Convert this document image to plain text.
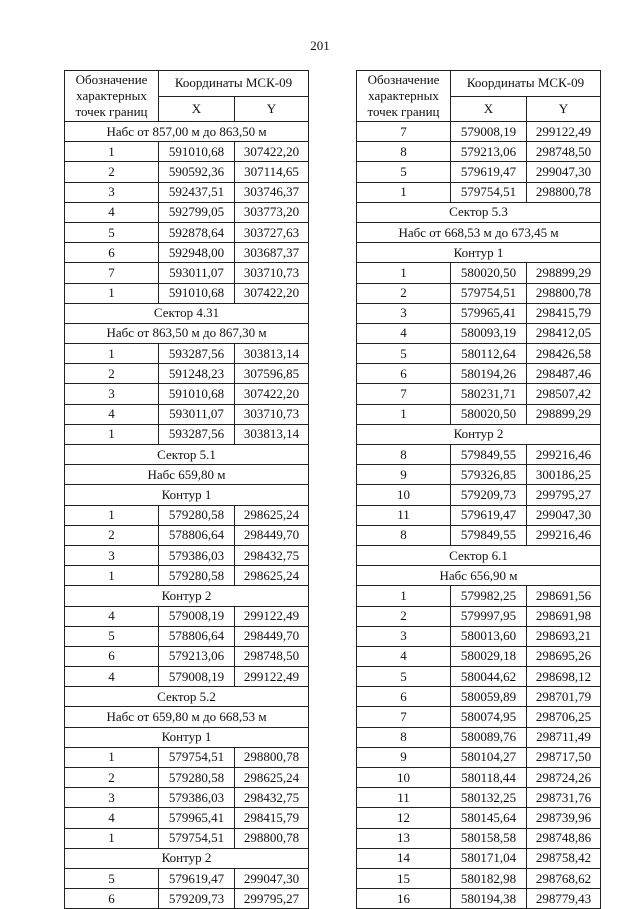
201
Обозначение характерных точек границ	Координаты МСК-09	
	X	Y
Набс от 857,00 м до 863,50 м		
1	591010,68	307422,20
2	590592,36	307114,65
3	592437,51	303746,37
4	592799,05	303773,20
5	592878,64	303727,63
6	592948,00	303687,37
7	593011,07	303710,73
1	591010,68	307422,20
Сектор 4.31		
Набс от 863,50 м до 867,30 м		
1	593287,56	303813,14
2	591248,23	307596,85
3	591010,68	307422,20
4	593011,07	303710,73
1	593287,56	303813,14
Сектор 5.1		
Набс 659,80 м		
Контур 1		
1	579280,58	298625,24
2	578806,64	298449,70
3	579386,03	298432,75
1	579280,58	298625,24
Контур 2		
4	579008,19	299122,49
5	578806,64	298449,70
6	579213,06	298748,50
4	579008,19	299122,49
Сектор 5.2		
Набс от 659,80 м до 668,53 м		
Контур 1		
1	579754,51	298800,78
2	579280,58	298625,24
3	579386,03	298432,75
4	579965,41	298415,79
1	579754,51	298800,78
Контур 2		
5	579619,47	299047,30
6	579209,73	299795,27
Обозначение характерных точек границ	Координаты МСК-09	
	X	Y
7	579008,19	299122,49
8	579213,06	298748,50
5	579619,47	299047,30
1	579754,51	298800,78
Сектор 5.3		
Набс от 668,53 м до 673,45 м		
Контур 1		
1	580020,50	298899,29
2	579754,51	298800,78
3	579965,41	298415,79
4	580093,19	298412,05
5	580112,64	298426,58
6	580194,26	298487,46
7	580231,71	298507,42
1	580020,50	298899,29
Контур 2		
8	579849,55	299216,46
9	579326,85	300186,25
10	579209,73	299795,27
11	579619,47	299047,30
8	579849,55	299216,46
Сектор 6.1		
Набс 656,90 м		
1	579982,25	298691,56
2	579997,95	298691,98
3	580013,60	298693,21
4	580029,18	298695,26
5	580044,62	298698,12
6	580059,89	298701,79
7	580074,95	298706,25
8	580089,76	298711,49
9	580104,27	298717,50
10	580118,44	298724,26
11	580132,25	298731,76
12	580145,64	298739,96
13	580158,58	298748,86
14	580171,04	298758,42
15	580182,98	298768,62
16	580194,38	298779,43
